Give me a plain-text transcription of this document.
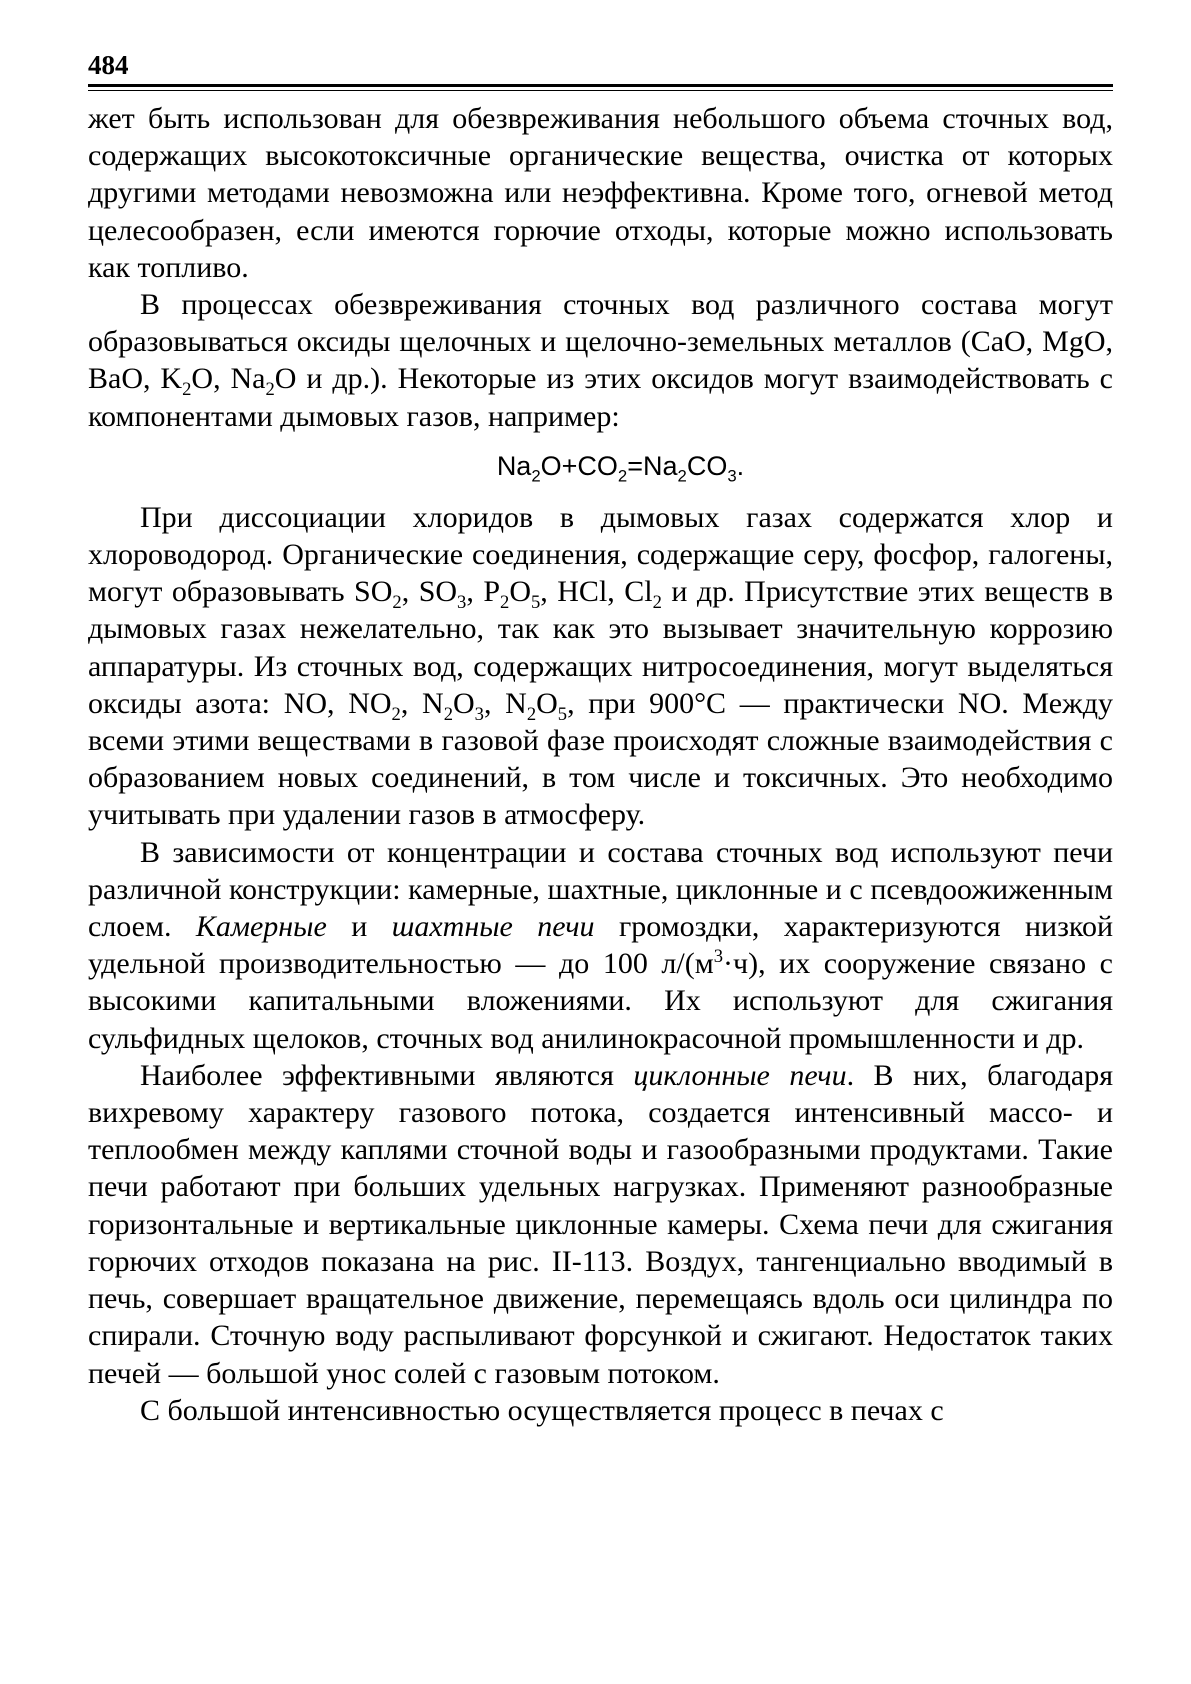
484

жет быть использован для обезвреживания небольшого объема сточных вод, содержащих высокотоксичные органические вещества, очистка от которых другими методами невозможна или неэффективна. Кроме того, огневой метод целесообразен, если имеются горючие отходы, которые можно использовать как топливо.

В процессах обезвреживания сточных вод различного состава могут образовываться оксиды щелочных и щелочно-земельных металлов (CaO, MgO, BaO, $K_2O$, $Na_2O$ и др.). Некоторые из этих оксидов могут взаимодействовать с компонентами дымовых газов, например:

$Na_2O+CO_2=Na_2CO_3$.

При диссоциации хлоридов в дымовых газах содержатся хлор и хлороводород. Органические соединения, содержащие серу, фосфор, галогены, могут образовывать $SO_2$, $SO_3$, $P_2O_5$, HCl, $Cl_2$ и др. Присутствие этих веществ в дымовых газах нежелательно, так как это вызывает значительную коррозию аппаратуры. Из сточных вод, содержащих нитросоединения, могут выделяться оксиды азота: NO, $NO_2$, $N_2O_3$, $N_2O_5$, при 900°C — практически NO. Между всеми этими веществами в газовой фазе происходят сложные взаимодействия с образованием новых соединений, в том числе и токсичных. Это необходимо учитывать при удалении газов в атмосферу.

В зависимости от концентрации и состава сточных вод используют печи различной конструкции: камерные, шахтные, циклонные и с псевдоожиженным слоем. Камерные и шахтные печи громоздки, характеризуются низкой удельной производительностью — до 100 $л/(м^3\cdot ч)$, их сооружение связано с высокими капитальными вложениями. Их используют для сжигания сульфидных щелоков, сточных вод анилинокрасочной промышленности и др.

Наиболее эффективными являются циклонные печи. В них, благодаря вихревому характеру газового потока, создается интенсивный массо- и теплообмен между каплями сточной воды и газообразными продуктами. Такие печи работают при больших удельных нагрузках. Применяют разнообразные горизонтальные и вертикальные циклонные камеры. Схема печи для сжигания горючих отходов показана на рис. II-113. Воздух, тангенциально вводимый в печь, совершает вращательное движение, перемещаясь вдоль оси цилиндра по спирали. Сточную воду распыливают форсункой и сжигают. Недостаток таких печей — большой унос солей с газовым потоком.

С большой интенсивностью осуществляется процесс в печах с
